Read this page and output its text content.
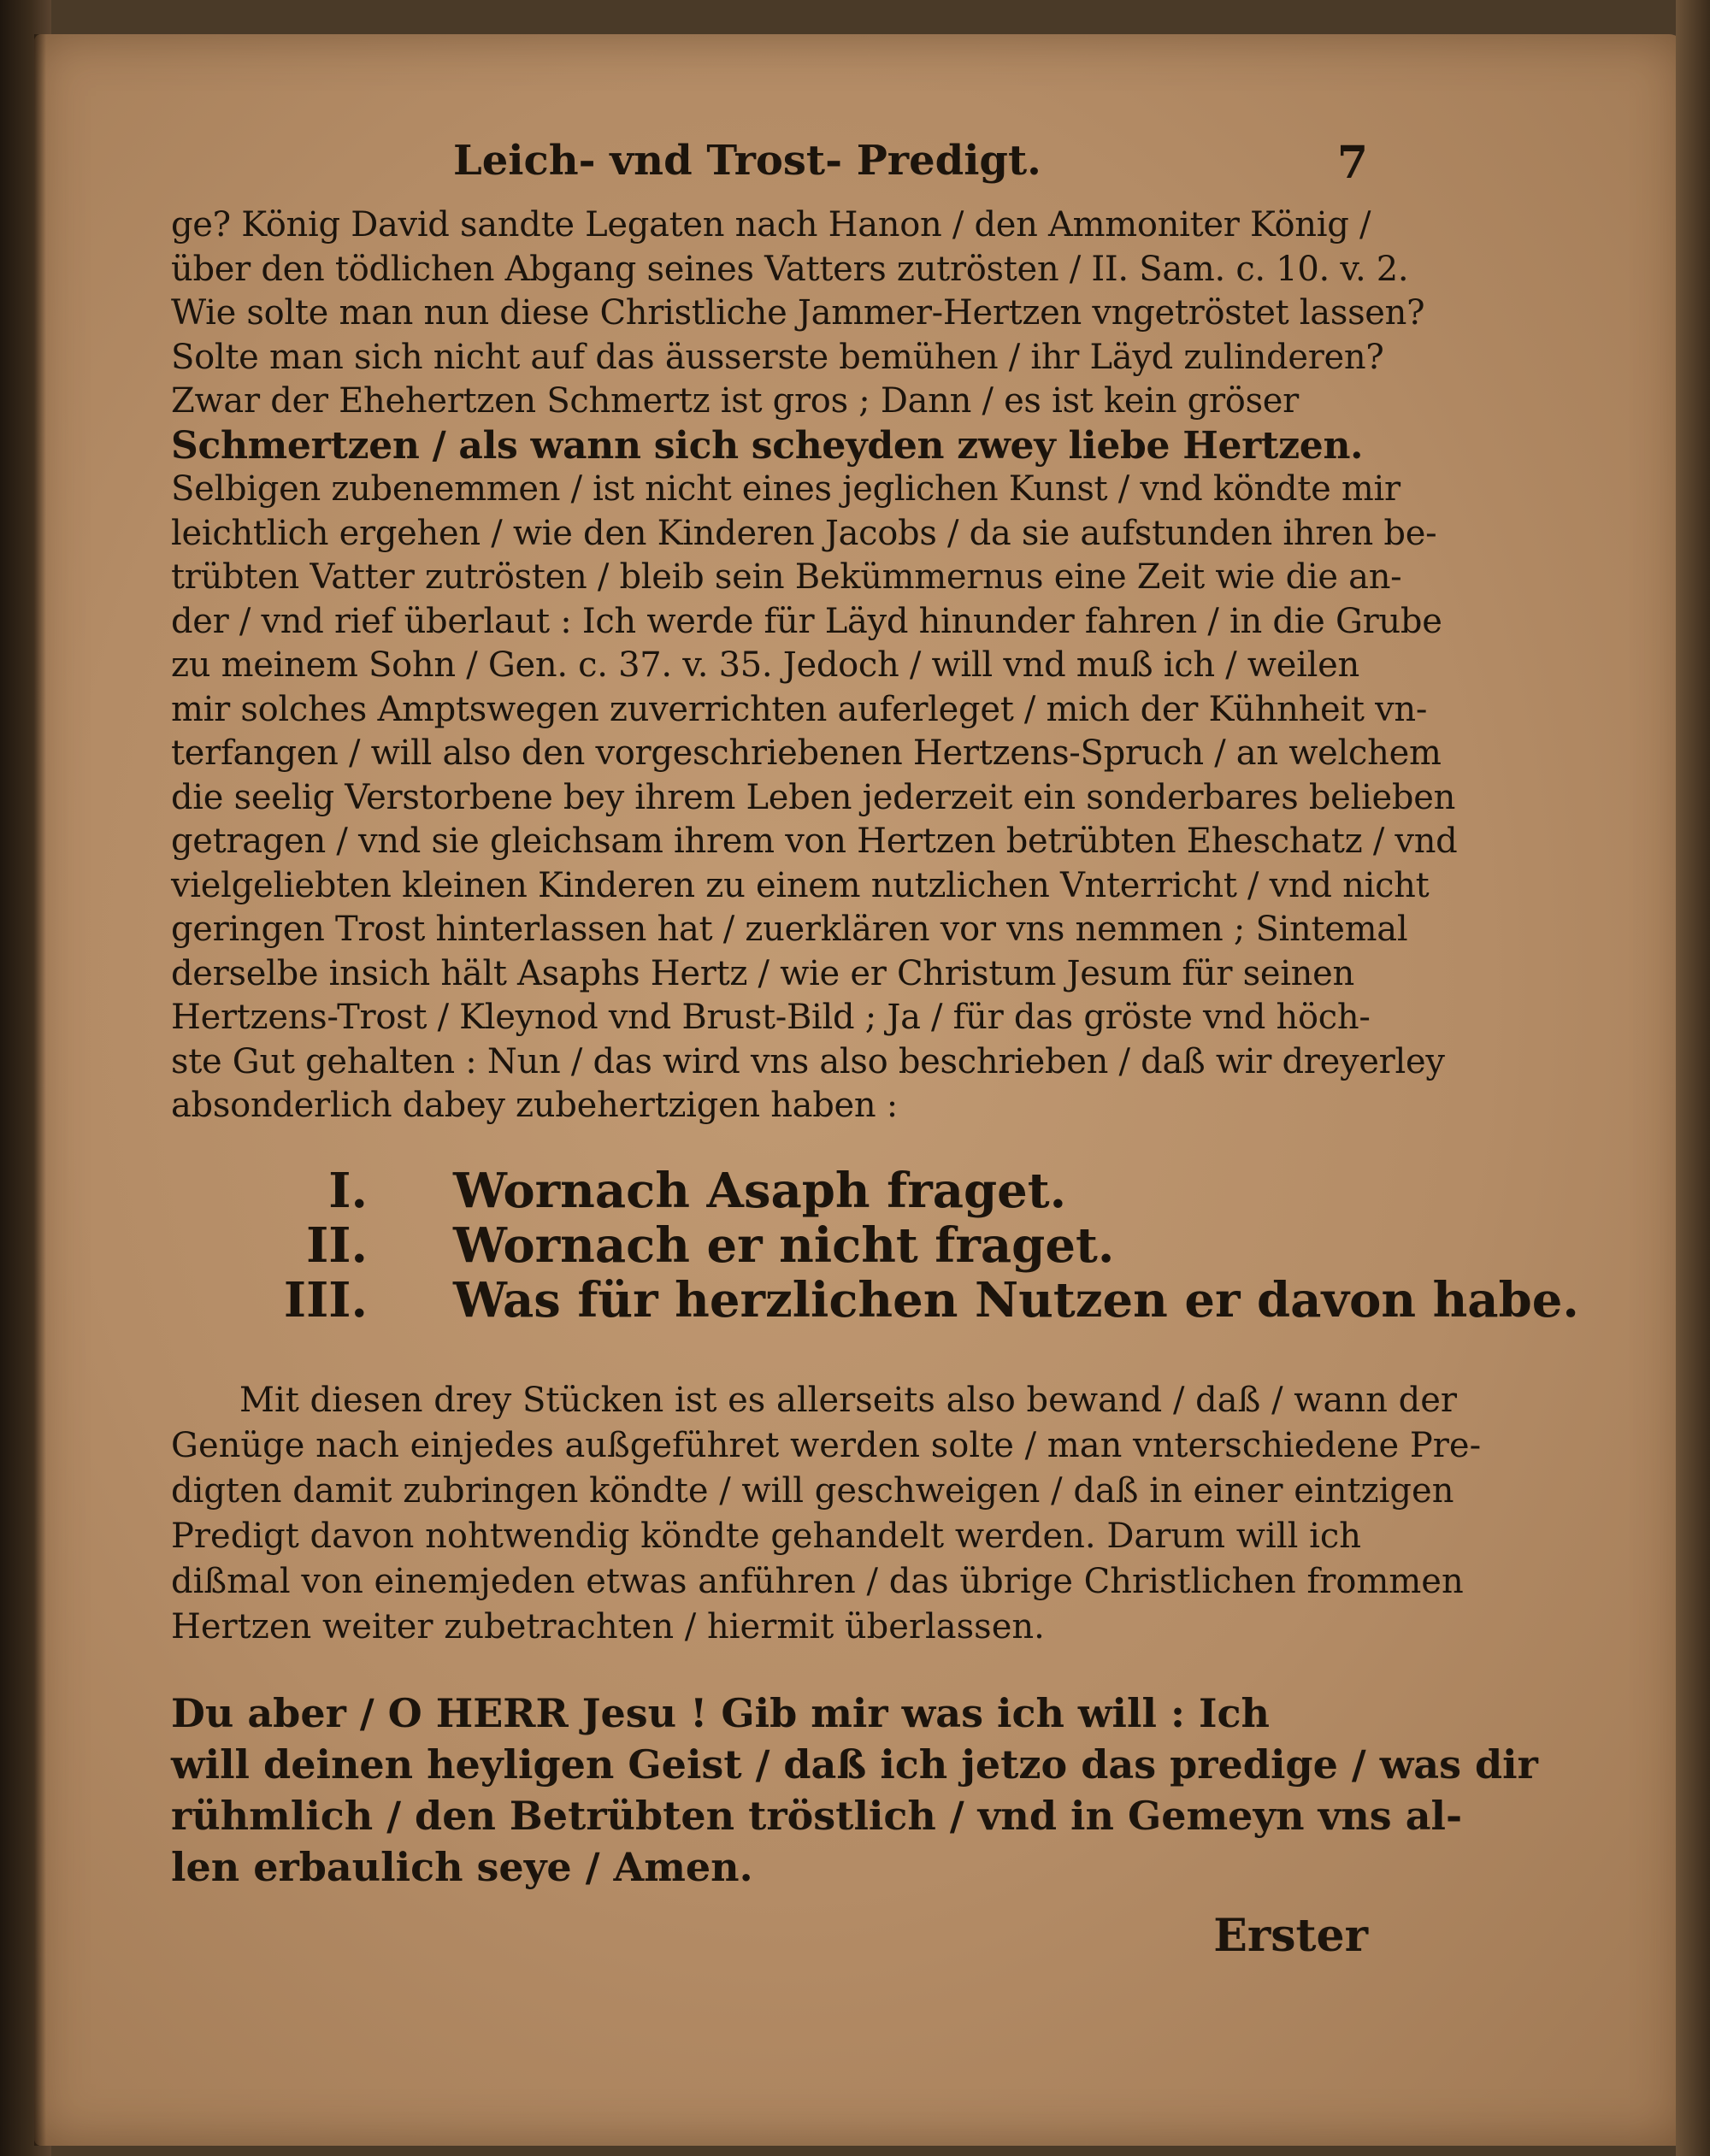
Leich- vnd Trost- Predigt.	7
ge? König David sandte Legaten nach Hanon / den Ammoniter König /
über den tödlichen Abgang seines Vatters zutrösten / II. Sam. c. 10. v. 2.
Wie solte man nun diese Christliche Jammer-Hertzen vngetröstet lassen?
Solte man sich nicht auf das äusserste bemühen / ihr Läyd zulinderen?
Zwar der Ehehertzen Schmertz ist gros ; Dann / es ist kein gröser
Schmertzen / als wann sich scheyden zwey liebe Hertzen.
Selbigen zubenemmen / ist nicht eines jeglichen Kunst / vnd köndte mir
leichtlich ergehen / wie den Kinderen Jacobs / da sie aufstunden ihren be-
trübten Vatter zutrösten / bleib sein Bekümmernus eine Zeit wie die an-
der / vnd rief überlaut : Ich werde für Läyd hinunder fahren / in die Grube
zu meinem Sohn / Gen. c. 37. v. 35. Jedoch / will vnd muß ich / weilen
mir solches Amptswegen zuverrichten auferleget / mich der Kühnheit vn-
terfangen / will also den vorgeschriebenen Hertzens-Spruch / an welchem
die seelig Verstorbene bey ihrem Leben jederzeit ein sonderbares belieben
getragen / vnd sie gleichsam ihrem von Hertzen betrübten Eheschatz / vnd
vielgeliebten kleinen Kinderen zu einem nutzlichen Vnterricht / vnd nicht
geringen Trost hinterlassen hat / zuerklären vor vns nemmen ; Sintemal
derselbe insich hält Asaphs Hertz / wie er Christum Jesum für seinen
Hertzens-Trost / Kleynod vnd Brust-Bild ; Ja / für das gröste vnd höch-
ste Gut gehalten : Nun / das wird vns also beschrieben / daß wir dreyerley
absonderlich dabey zubehertzigen haben :
I. Wornach Asaph fraget.
II. Wornach er nicht fraget.
III. Was für herzlichen Nutzen er davon habe.
Mit diesen drey Stücken ist es allerseits also bewand / daß / wann der
Genüge nach einjedes außgeführet werden solte / man vnterschiedene Pre-
digten damit zubringen köndte / will geschweigen / daß in einer eintzigen
Predigt davon nohtwendig köndte gehandelt werden. Darum will ich
dißmal von einemjeden etwas anführen / das übrige Christlichen frommen
Hertzen weiter zubetrachten / hiermit überlassen.
Du aber / O HERR Jesu ! Gib mir was ich will : Ich
will deinen heyligen Geist / daß ich jetzo das predige / was dir
rühmlich / den Betrübten tröstlich / vnd in Gemeyn vns al-
len erbaulich seye / Amen.
Erster
